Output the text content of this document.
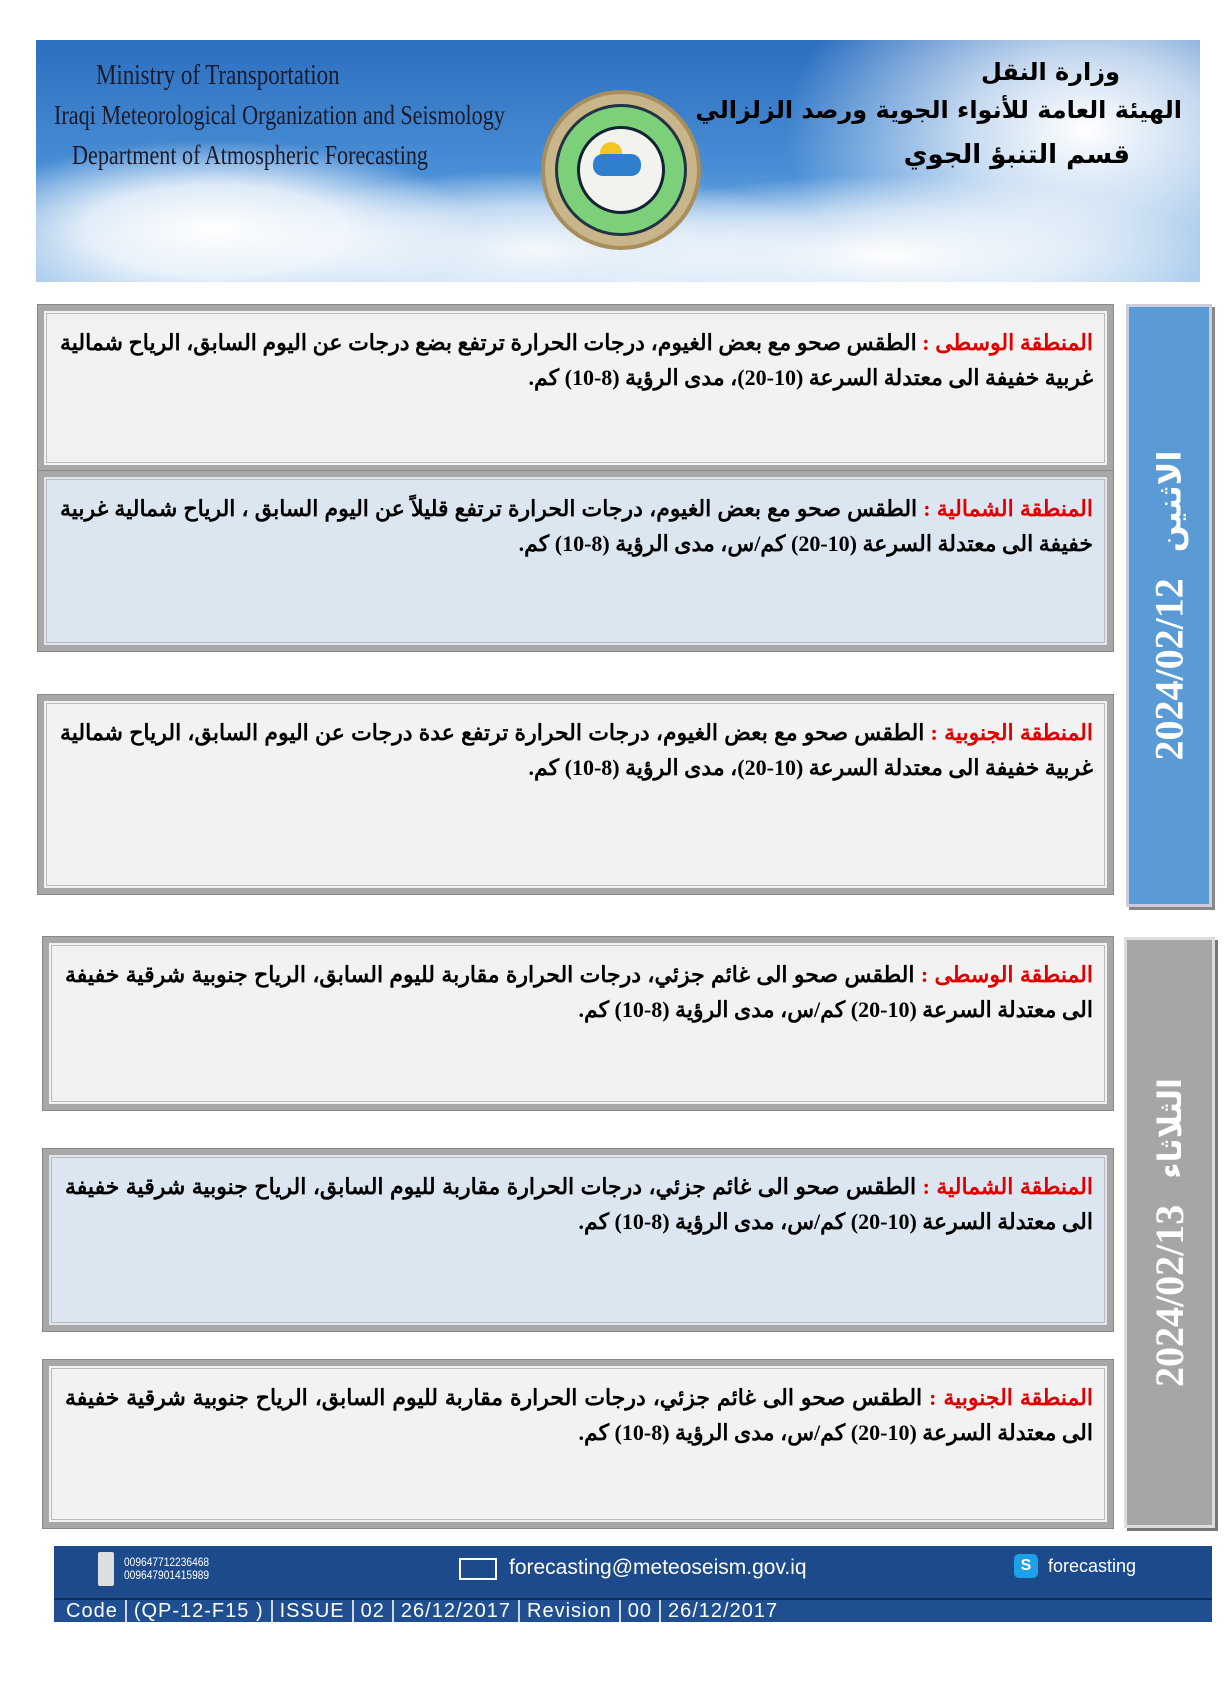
Ministry of Transportation
Iraqi Meteorological Organization and Seismology
Department of Atmospheric Forecasting
وزارة النقل
الهيئة العامة للأنواء الجوية ورصد الزلزالي
قسم التنبؤ الجوي
2024/02/12
الاثنين
المنطقة الوسطى : الطقس صحو مع بعض الغيوم، درجات الحرارة ترتفع بضع درجات عن اليوم السابق، الرياح شمالية غربية خفيفة الى معتدلة السرعة (10-20)، مدى الرؤية (8-10) كم.
المنطقة الشمالية : الطقس صحو مع بعض الغيوم، درجات الحرارة ترتفع قليلاً عن اليوم السابق ، الرياح شمالية غربية خفيفة الى معتدلة السرعة (10-20) كم/س، مدى الرؤية (8-10) كم.
المنطقة الجنوبية : الطقس صحو مع بعض الغيوم، درجات الحرارة ترتفع عدة درجات عن اليوم السابق، الرياح شمالية غربية خفيفة الى معتدلة السرعة (10-20)، مدى الرؤية (8-10) كم.
2024/02/13
الثلاثاء
المنطقة الوسطى : الطقس صحو الى غائم جزئي، درجات الحرارة مقاربة لليوم السابق، الرياح جنوبية شرقية خفيفة الى معتدلة السرعة (10-20) كم/س، مدى الرؤية (8-10) كم.
المنطقة الشمالية : الطقس صحو الى غائم جزئي، درجات الحرارة مقاربة لليوم السابق، الرياح جنوبية شرقية خفيفة الى معتدلة السرعة (10-20) كم/س، مدى الرؤية (8-10) كم.
المنطقة الجنوبية : الطقس صحو الى غائم جزئي، درجات الحرارة مقاربة لليوم السابق، الرياح جنوبية شرقية خفيفة الى معتدلة السرعة (10-20) كم/س، مدى الرؤية (8-10) كم.
009647712236468
009647901415989	forecasting@meteoseism.gov.iq	S forecasting
Code (QP-12-F15 ) ISSUE 02 26/12/2017 Revision 00 26/12/2017
